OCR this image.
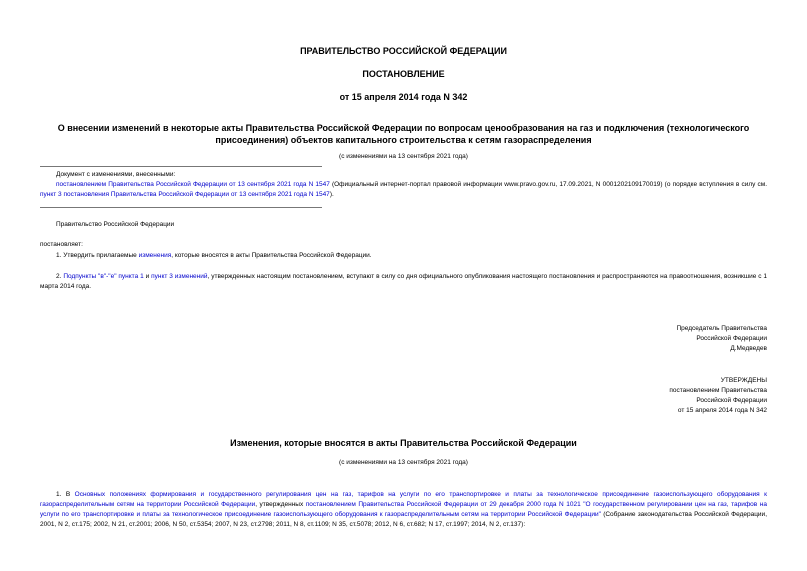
ПРАВИТЕЛЬСТВО РОССИЙСКОЙ ФЕДЕРАЦИИ
ПОСТАНОВЛЕНИЕ
от 15 апреля 2014 года N 342
О внесении изменений в некоторые акты Правительства Российской Федерации по вопросам ценообразования на газ и подключения (технологического присоединения) объектов капитального строительства к сетям газораспределения
(с изменениями на 13 сентября 2021 года)
Документ с изменениями, внесенными:
постановлением Правительства Российской Федерации от 13 сентября 2021 года N 1547 (Официальный интернет-портал правовой информации www.pravo.gov.ru, 17.09.2021, N 0001202109170019) (о порядке вступления в силу см. пункт 3 постановления Правительства Российской Федерации от 13 сентября 2021 года N 1547).
Правительство Российской Федерации
постановляет:
1. Утвердить прилагаемые изменения, которые вносятся в акты Правительства Российской Федерации.
2. Подпункты "в"-"е" пункта 1 и пункт 3 изменений, утвержденных настоящим постановлением, вступают в силу со дня официального опубликования настоящего постановления и распространяются на правоотношения, возникшие с 1 марта 2014 года.
Председатель Правительства
Российской Федерации
Д.Медведев
УТВЕРЖДЕНЫ
постановлением Правительства
Российской Федерации
от 15 апреля 2014 года N 342
Изменения, которые вносятся в акты Правительства Российской Федерации
(с изменениями на 13 сентября 2021 года)
1. В Основных положениях формирования и государственного регулирования цен на газ, тарифов на услуги по его транспортировке и платы за технологическое присоединение газоиспользующего оборудования к газораспределительным сетям на территории Российской Федерации, утвержденных постановлением Правительства Российской Федерации от 29 декабря 2000 года N 1021 "О государственном регулировании цен на газ, тарифов на услуги по его транспортировке и платы за технологическое присоединение газоиспользующего оборудования к газораспределительным сетям на территории Российской Федерации" (Собрание законодательства Российской Федерации, 2001, N 2, ст.175; 2002, N 21, ст.2001; 2006, N 50, ст.5354; 2007, N 23, ст.2798; 2011, N 8, ст.1109; N 35, ст.5078; 2012, N 6, ст.682; N 17, ст.1997; 2014, N 2, ст.137):
